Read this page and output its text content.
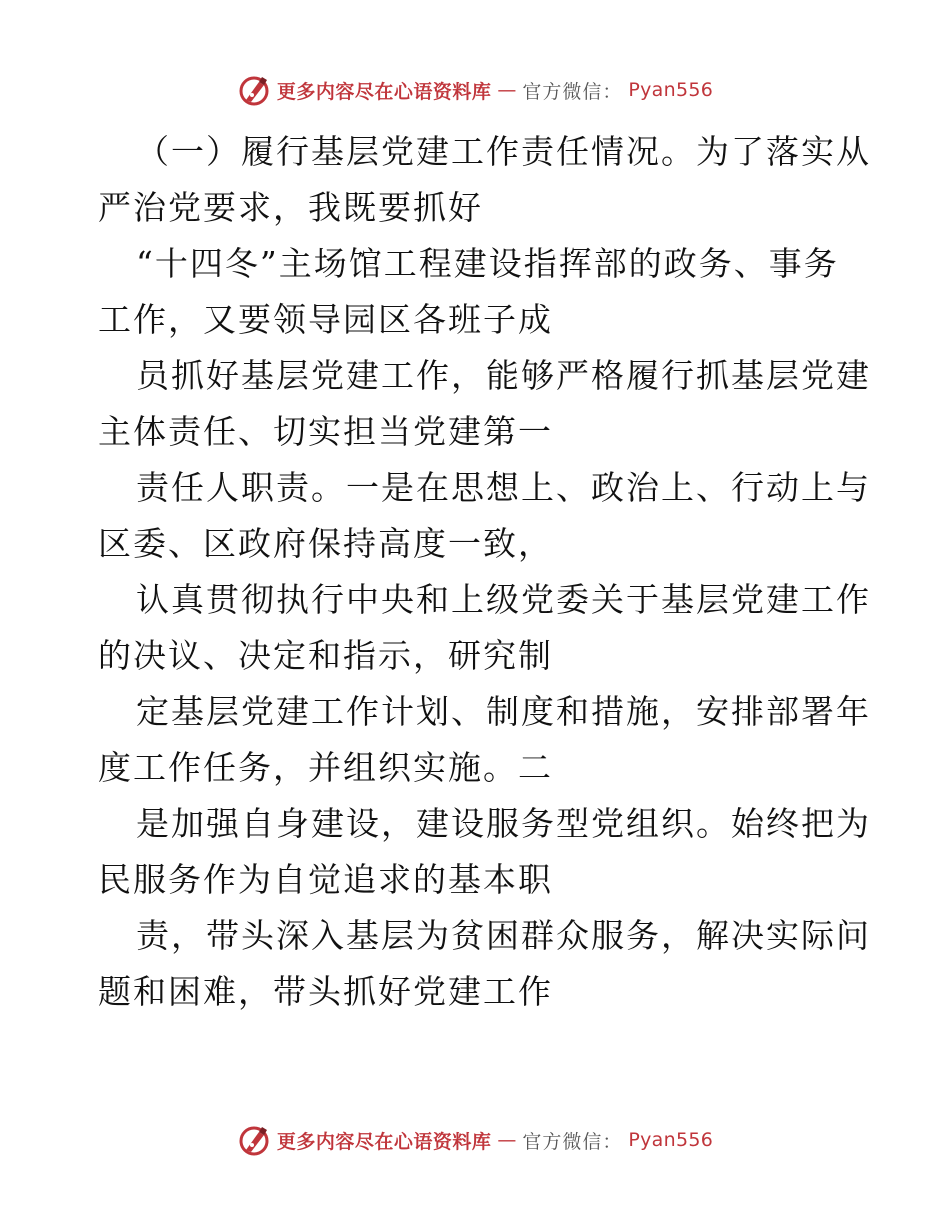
更多内容尽在心语资料库 — 官方微信： Pyan556

（一）履行基层党建工作责任情况。为了落实从
严治党要求，我既要抓好

“十四冬”主场馆工程建设指挥部的政务、事务
工作，又要领导园区各班子成

员抓好基层党建工作，能够严格履行抓基层党建
主体责任、切实担当党建第一

责任人职责。一是在思想上、政治上、行动上与
区委、区政府保持高度一致，

认真贯彻执行中央和上级党委关于基层党建工作
的决议、决定和指示，研究制

定基层党建工作计划、制度和措施，安排部署年
度工作任务，并组织实施。二

是加强自身建设，建设服务型党组织。始终把为
民服务作为自觉追求的基本职

责，带头深入基层为贫困群众服务，解决实际问
题和困难，带头抓好党建工作

更多内容尽在心语资料库 — 官方微信： Pyan556
